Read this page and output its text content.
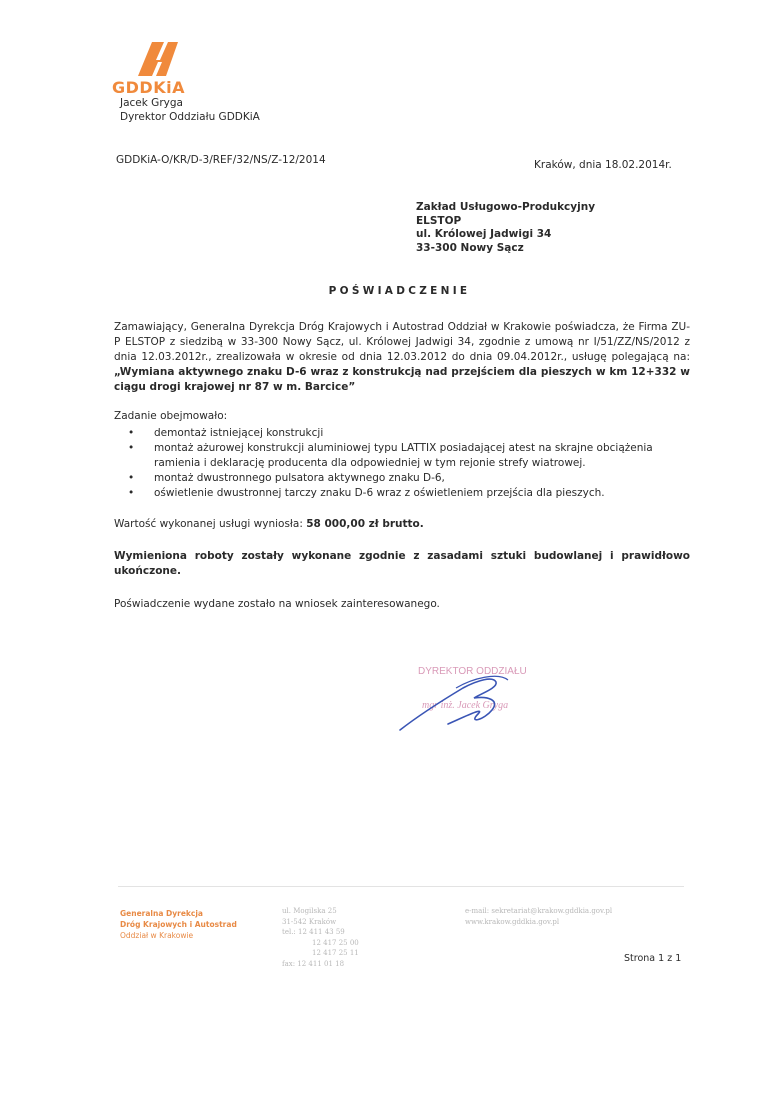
GDDKiA
Jacek Gryga
Dyrektor Oddziału GDDKiA
GDDKiA-O/KR/D-3/REF/32/NS/Z-12/2014	Kraków, dnia 18.02.2014r.
Zakład Usługowo-Produkcyjny
ELSTOP
ul. Królowej Jadwigi 34
33-300 Nowy Sącz
POŚWIADCZENIE
Zamawiający, Generalna Dyrekcja Dróg Krajowych i Autostrad Oddział w Krakowie poświadcza, że Firma ZU-P ELSTOP z siedzibą w 33-300 Nowy Sącz, ul. Królowej Jadwigi 34, zgodnie z umową nr I/51/ZZ/NS/2012 z dnia 12.03.2012r., zrealizowała w okresie od dnia 12.03.2012 do dnia 09.04.2012r., usługę polegającą na: „Wymiana aktywnego znaku D-6 wraz z konstrukcją nad przejściem dla pieszych w km 12+332 w ciągu drogi krajowej nr 87 w m. Barcice”
Zadanie obejmowało:
• demontaż istniejącej konstrukcji
• montaż ażurowej konstrukcji aluminiowej typu LATTIX posiadającej atest na skrajne obciążenia ramienia i deklarację producenta dla odpowiedniej w tym rejonie strefy wiatrowej.
• montaż dwustronnego pulsatora aktywnego znaku D-6,
• oświetlenie dwustronnej tarczy znaku D-6 wraz z oświetleniem przejścia dla pieszych.
Wartość wykonanej usługi wyniosła: 58 000,00 zł brutto.
Wymieniona roboty zostały wykonane zgodnie z zasadami sztuki budowlanej i prawidłowo ukończone.
Poświadczenie wydane zostało na wniosek zainteresowanego.
DYREKTOR ODDZIAŁU
mgr inż. Jacek Gryga
Generalna Dyrekcja
Dróg Krajowych i Autostrad
Oddział w Krakowie
ul. Mogilska 25
31-542 Kraków
tel.: 12 411 43 59
12 417 25 00
12 417 25 11
fax: 12 411 01 18
e-mail: sekretariat@krakow.gddkia.gov.pl
www.krakow.gddkia.gov.pl
Strona 1 z 1
